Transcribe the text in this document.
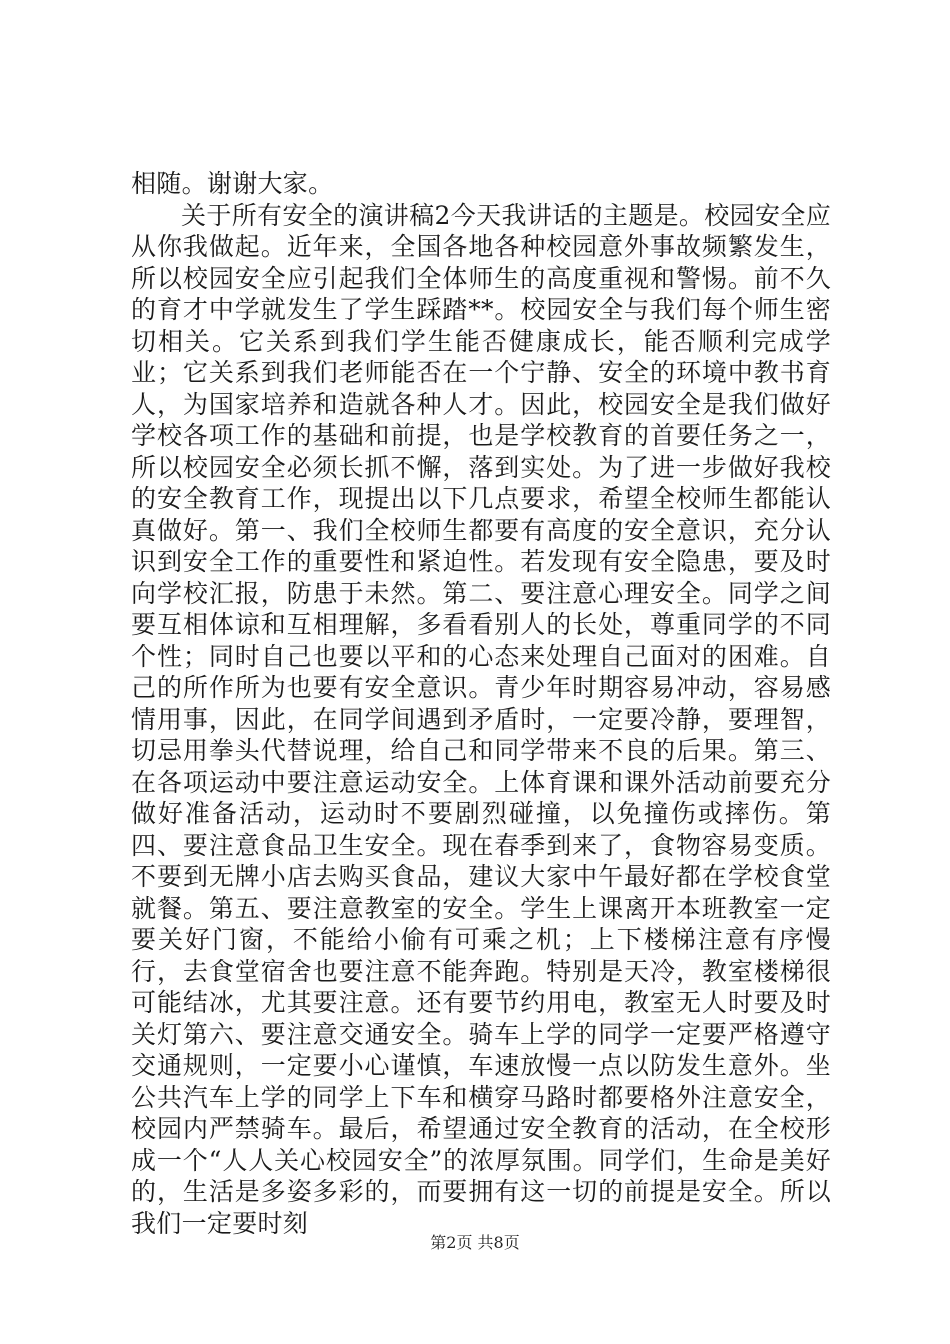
相随。谢谢大家。

关于所有安全的演讲稿2今天我讲话的主题是。校园安全应从你我做起。近年来，全国各地各种校园意外事故频繁发生，所以校园安全应引起我们全体师生的高度重视和警惕。前不久的育才中学就发生了学生踩踏**。校园安全与我们每个师生密切相关。它关系到我们学生能否健康成长，能否顺利完成学业；它关系到我们老师能否在一个宁静、安全的环境中教书育人，为国家培养和造就各种人才。因此，校园安全是我们做好学校各项工作的基础和前提，也是学校教育的首要任务之一，所以校园安全必须长抓不懈，落到实处。为了进一步做好我校的安全教育工作，现提出以下几点要求，希望全校师生都能认真做好。第一、我们全校师生都要有高度的安全意识，充分认识到安全工作的重要性和紧迫性。若发现有安全隐患，要及时向学校汇报，防患于未然。第二、要注意心理安全。同学之间要互相体谅和互相理解，多看看别人的长处，尊重同学的不同个性；同时自己也要以平和的心态来处理自己面对的困难。自己的所作所为也要有安全意识。青少年时期容易冲动，容易感情用事，因此，在同学间遇到矛盾时，一定要冷静，要理智，切忌用拳头代替说理，给自己和同学带来不良的后果。第三、在各项运动中要注意运动安全。上体育课和课外活动前要充分做好准备活动，运动时不要剧烈碰撞，以免撞伤或摔伤。第四、要注意食品卫生安全。现在春季到来了，食物容易变质。不要到无牌小店去购买食品，建议大家中午最好都在学校食堂就餐。第五、要注意教室的安全。学生上课离开本班教室一定要关好门窗，不能给小偷有可乘之机；上下楼梯注意有序慢行，去食堂宿舍也要注意不能奔跑。特别是天冷，教室楼梯很可能结冰，尤其要注意。还有要节约用电，教室无人时要及时关灯第六、要注意交通安全。骑车上学的同学一定要严格遵守交通规则，一定要小心谨慎，车速放慢一点以防发生意外。坐公共汽车上学的同学上下车和横穿马路时都要格外注意安全，校园内严禁骑车。最后，希望通过安全教育的活动，在全校形成一个“人人关心校园安全”的浓厚氛围。同学们，生命是美好的，生活是多姿多彩的，而要拥有这一切的前提是安全。所以我们一定要时刻

第2页 共8页
